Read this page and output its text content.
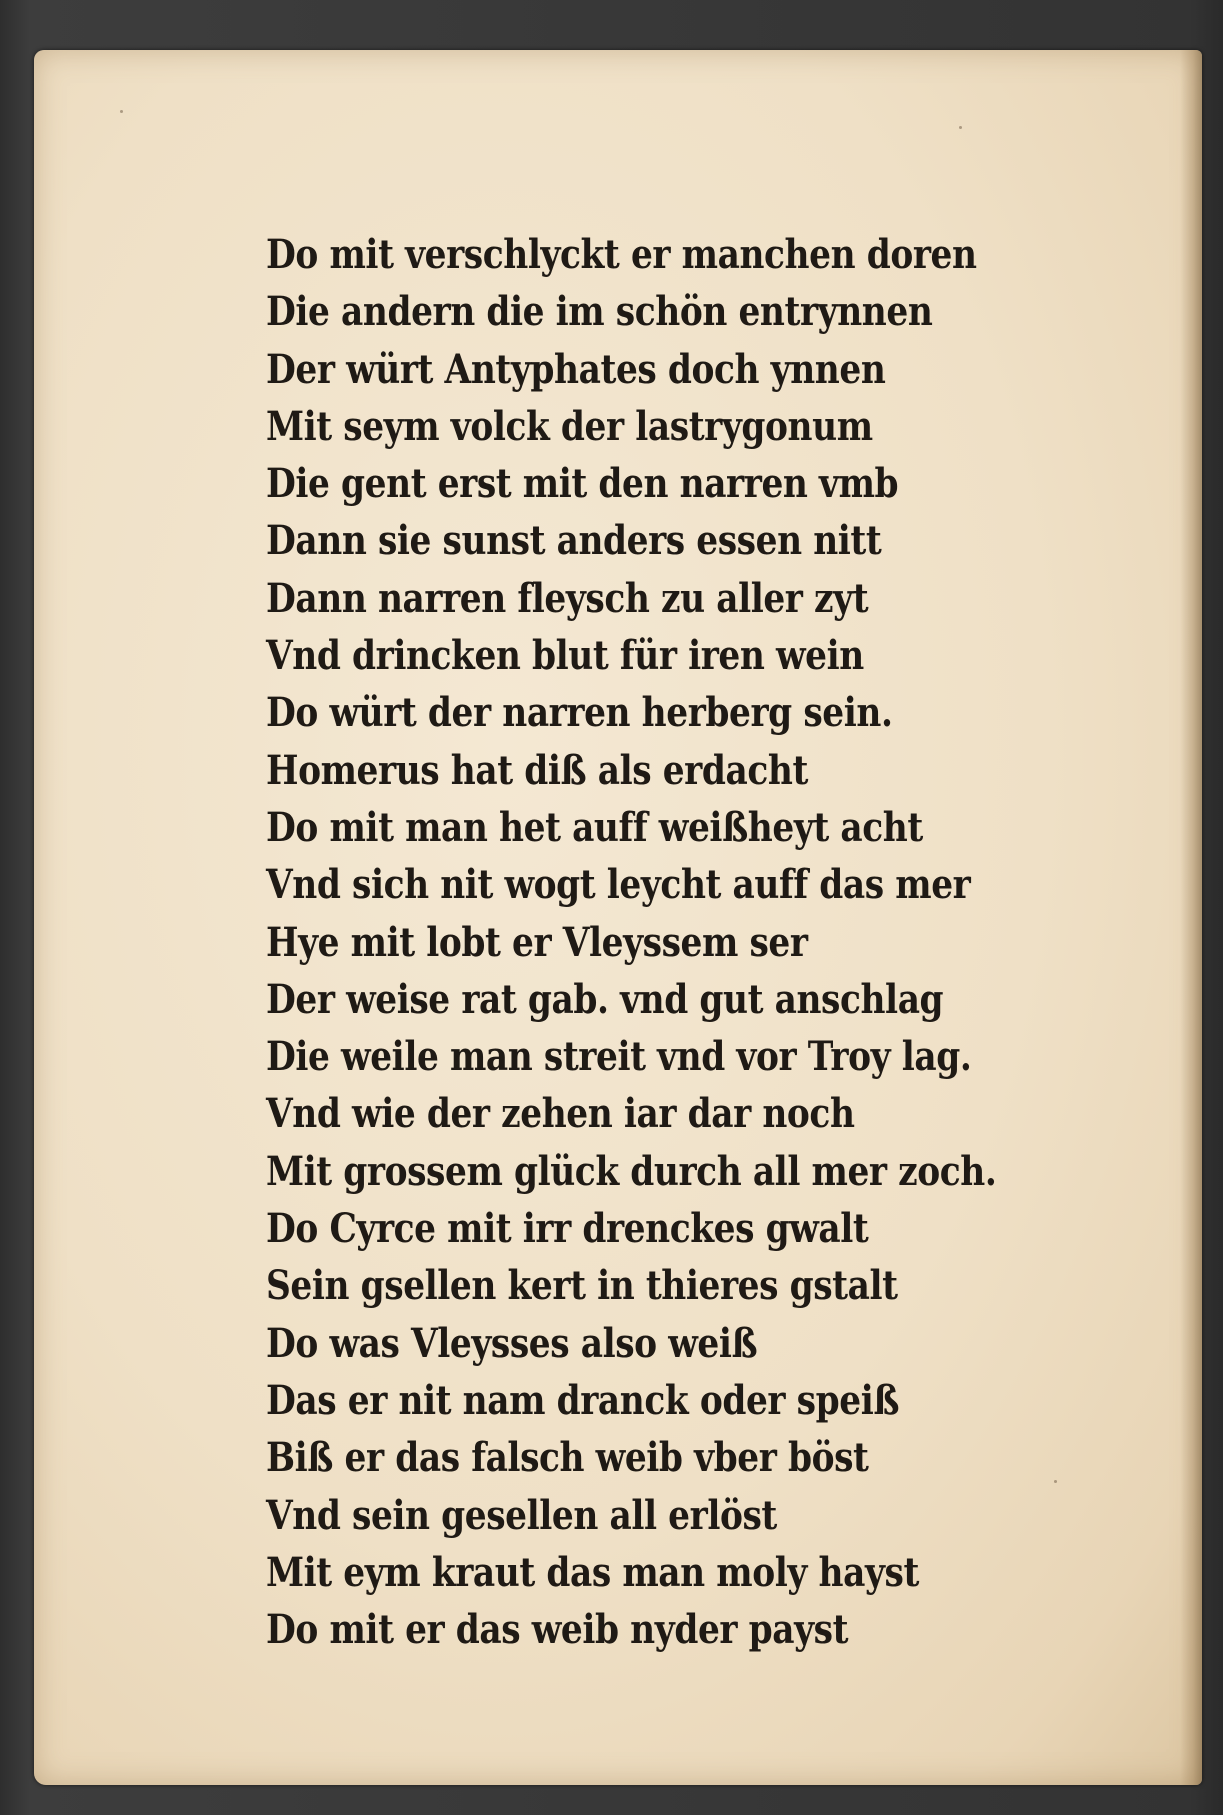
Do mit verschlyckt er manchen doren
Die andern die im schön entrynnen
Der würt Antyphates doch ynnen
Mit seym volck der lastrygonum
Die gent erst mit den narren vmb
Dann sie sunst anders essen nitt
Dann narren fleysch zu aller zyt
Vnd drincken blut für iren wein
Do würt der narren herberg sein.
Homerus hat diß als erdacht
Do mit man het auff weißheyt acht
Vnd sich nit wogt leycht auff das mer
Hye mit lobt er Vleyssem ser
Der weise rat gab. vnd gut anschlag
Die weile man streit vnd vor Troy lag.
Vnd wie der zehen iar dar noch
Mit grossem glück durch all mer zoch.
Do Cyrce mit irr drenckes gwalt
Sein gsellen kert in thieres gstalt
Do was Vleysses also weiß
Das er nit nam dranck oder speiß
Biß er das falsch weib vber böst
Vnd sein gesellen all erlöst
Mit eym kraut das man moly hayst
Do mit er das weib nyder payst
